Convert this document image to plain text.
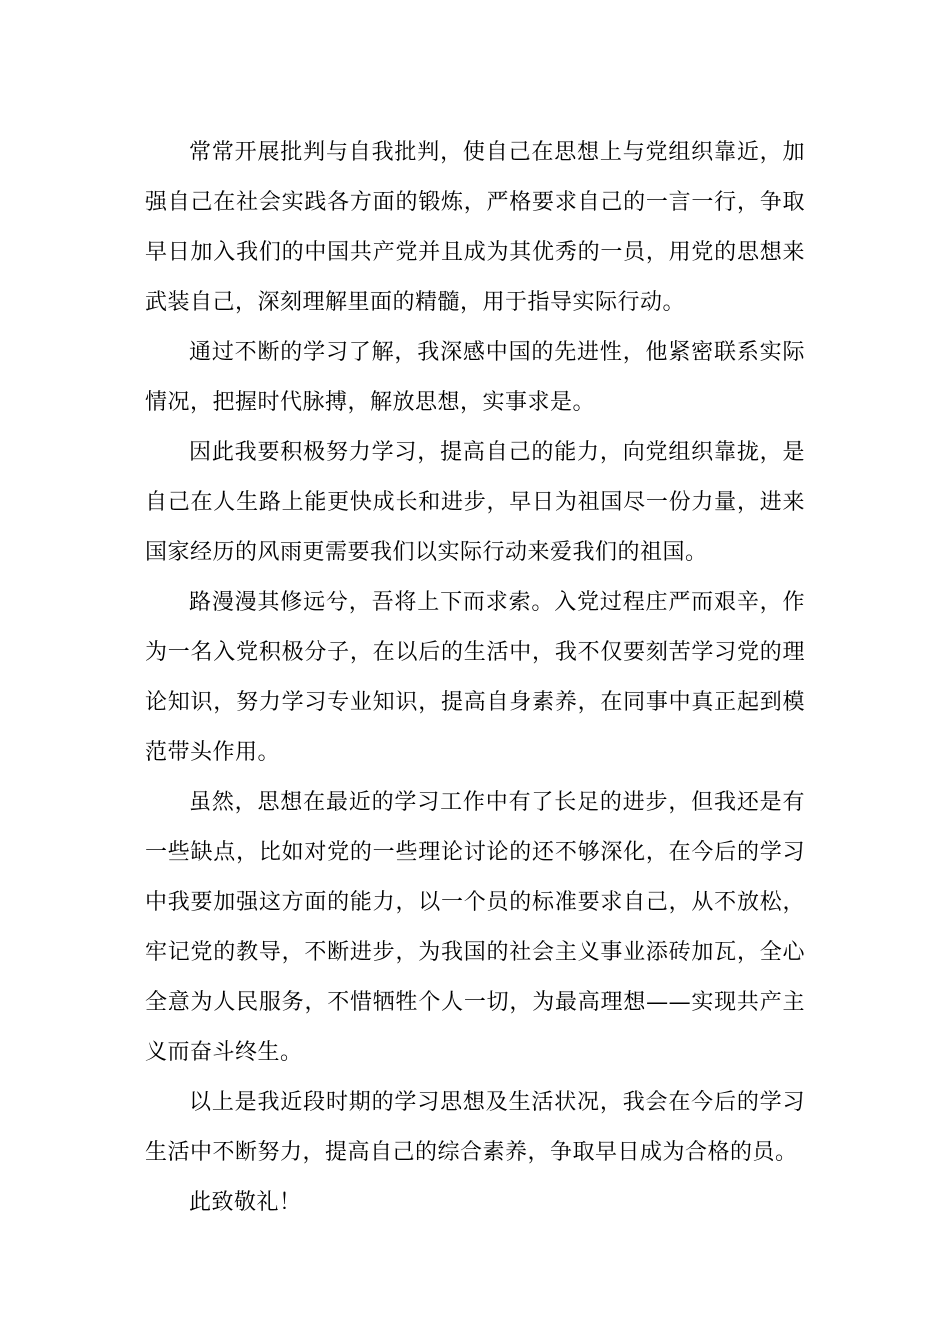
常常开展批判与自我批判，使自己在思想上与党组织靠近，加强自己在社会实践各方面的锻炼，严格要求自己的一言一行，争取早日加入我们的中国共产党并且成为其优秀的一员，用党的思想来武装自己，深刻理解里面的精髓，用于指导实际行动。

通过不断的学习了解，我深感中国的先进性，他紧密联系实际情况，把握时代脉搏，解放思想，实事求是。

因此我要积极努力学习，提高自己的能力，向党组织靠拢，是自己在人生路上能更快成长和进步，早日为祖国尽一份力量，进来国家经历的风雨更需要我们以实际行动来爱我们的祖国。

路漫漫其修远兮，吾将上下而求索。入党过程庄严而艰辛，作为一名入党积极分子，在以后的生活中，我不仅要刻苦学习党的理论知识，努力学习专业知识，提高自身素养，在同事中真正起到模范带头作用。

虽然，思想在最近的学习工作中有了长足的进步，但我还是有一些缺点，比如对党的一些理论讨论的还不够深化，在今后的学习中我要加强这方面的能力，以一个员的标准要求自己，从不放松，牢记党的教导，不断进步，为我国的社会主义事业添砖加瓦，全心全意为人民服务，不惜牺牲个人一切，为最高理想——实现共产主义而奋斗终生。

以上是我近段时期的学习思想及生活状况，我会在今后的学习生活中不断努力，提高自己的综合素养，争取早日成为合格的员。

此致敬礼！
